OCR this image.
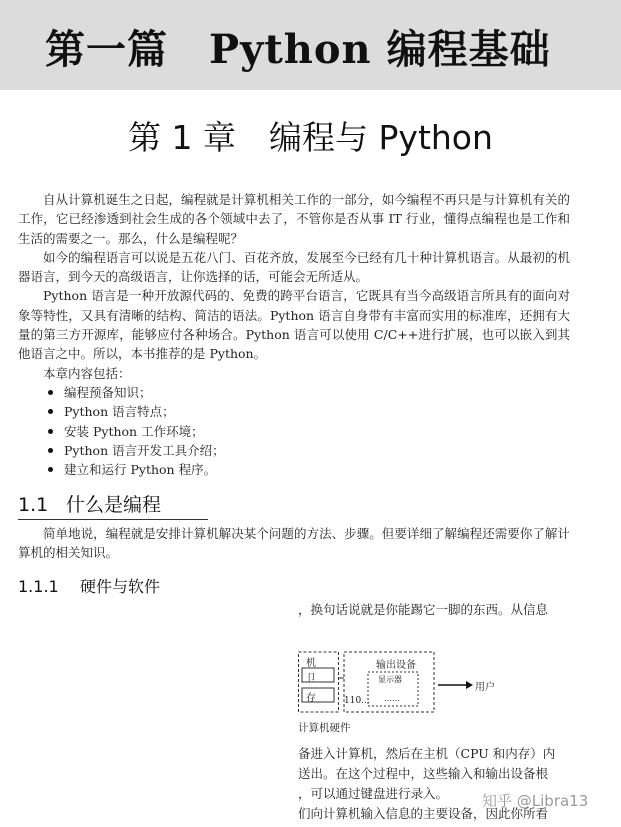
第一篇　Python 编程基础
第 1 章　编程与 Python

自从计算机诞生之日起，编程就是计算机相关工作的一部分，如今编程不再只是与计算机有关的工作，它已经渗透到社会生成的各个领域中去了，不管你是否从事 IT 行业，懂得点编程也是工作和生活的需要之一。那么，什么是编程呢？

如今的编程语言可以说是五花八门、百花齐放，发展至今已经有几十种计算机语言。从最初的机器语言，到今天的高级语言，让你选择的话，可能会无所适从。

Python 语言是一种开放源代码的、免费的跨平台语言，它既具有当今高级语言所具有的面向对象等特性，又具有清晰的结构、简洁的语法。Python 语言自身带有丰富而实用的标准库，还拥有大量的第三方开源库，能够应付各种场合。Python 语言可以使用 C/C++进行扩展，也可以嵌入到其他语言之中。所以，本书推荐的是 Python。

本章内容包括：

编程预备知识；
Python 语言特点；
安装 Python 工作环境；
Python 语言开发工具介绍；
建立和运行 Python 程序。
1.1 什么是编程

简单地说，编程就是安排计算机解决某个问题的方法、步骤。但要详细了解编程还需要你了解计算机的相关知识。

1.1.1 硬件与软件
，换句话说就是你能踢它一脚的东西。从信息
机
卩
存	110...
输出设备
显示器
……
用户
计算机硬件
备进入计算机，然后在主机（CPU 和内存）内
送出。在这个过程中，这些输入和输出设备根
，可以通过键盘进行录入。
们向计算机输入信息的主要设备，因此你所看
知乎 @Libra13
